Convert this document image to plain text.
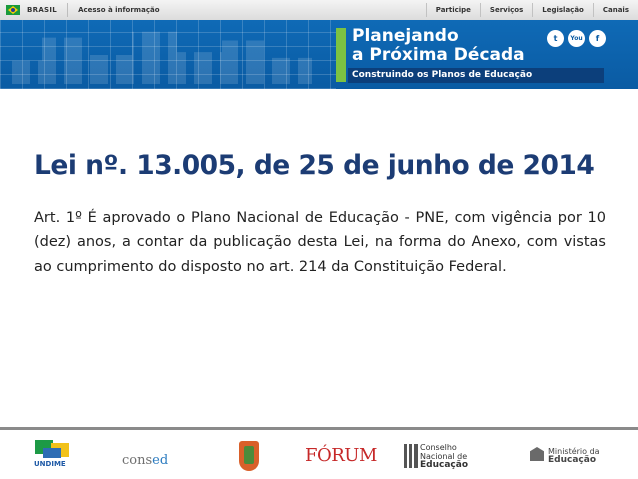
BRASIL	Acesso à informação	Participe	Serviços	Legislação	Canais
Planejando
a Próxima Década
Construindo os Planos de Educação
t	You	f
Lei nº. 13.005, de 25 de junho de 2014
Art. 1º É aprovado o Plano Nacional de Educação - PNE, com vigência por 10 (dez) anos, a contar da publicação desta Lei, na forma do Anexo, com vistas ao cumprimento do disposto no art. 214 da Constituição Federal.
UNDIME	consed	FÓRUM	Conselho
Nacional de
Educação
Ministério da
Educação
